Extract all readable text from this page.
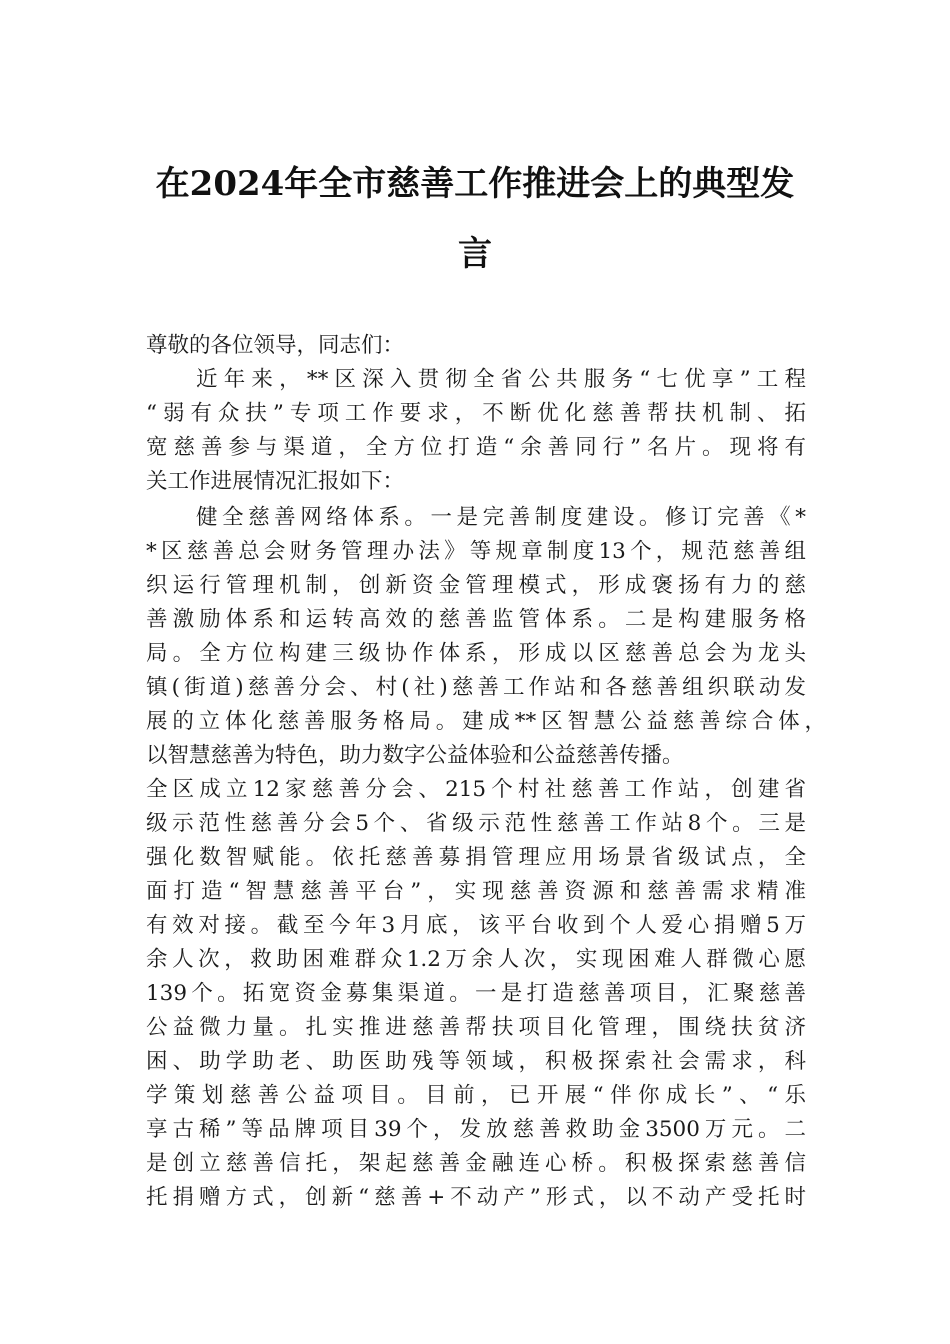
在2024年全市慈善工作推进会上的典型发
言
尊敬的各位领导，同志们：
近年来，**区深入贯彻全省公共服务“七优享”工程
“弱有众扶”专项工作要求，不断优化慈善帮扶机制、拓
宽慈善参与渠道，全方位打造“余善同行”名片。现将有
关工作进展情况汇报如下：
健全慈善网络体系。一是完善制度建设。修订完善《*
*区慈善总会财务管理办法》等规章制度13个，规范慈善组
织运行管理机制，创新资金管理模式，形成褒扬有力的慈
善激励体系和运转高效的慈善监管体系。二是构建服务格
局。全方位构建三级协作体系，形成以区慈善总会为龙头
镇(街道)慈善分会、村(社)慈善工作站和各慈善组织联动发
展的立体化慈善服务格局。建成**区智慧公益慈善综合体，
以智慧慈善为特色，助力数字公益体验和公益慈善传播。
全区成立12家慈善分会、215个村社慈善工作站，创建省
级示范性慈善分会5个、省级示范性慈善工作站8个。三是
强化数智赋能。依托慈善募捐管理应用场景省级试点，全
面打造“智慧慈善平台”，实现慈善资源和慈善需求精准
有效对接。截至今年3月底，该平台收到个人爱心捐赠5万
余人次，救助困难群众1.2万余人次，实现困难人群微心愿
139个。拓宽资金募集渠道。一是打造慈善项目，汇聚慈善
公益微力量。扎实推进慈善帮扶项目化管理，围绕扶贫济
困、助学助老、助医助残等领域，积极探索社会需求，科
学策划慈善公益项目。目前，已开展“伴你成长”、“乐
享古稀”等品牌项目39个，发放慈善救助金3500万元。二
是创立慈善信托，架起慈善金融连心桥。积极探索慈善信
托捐赠方式，创新“慈善+不动产”形式，以不动产受托时
